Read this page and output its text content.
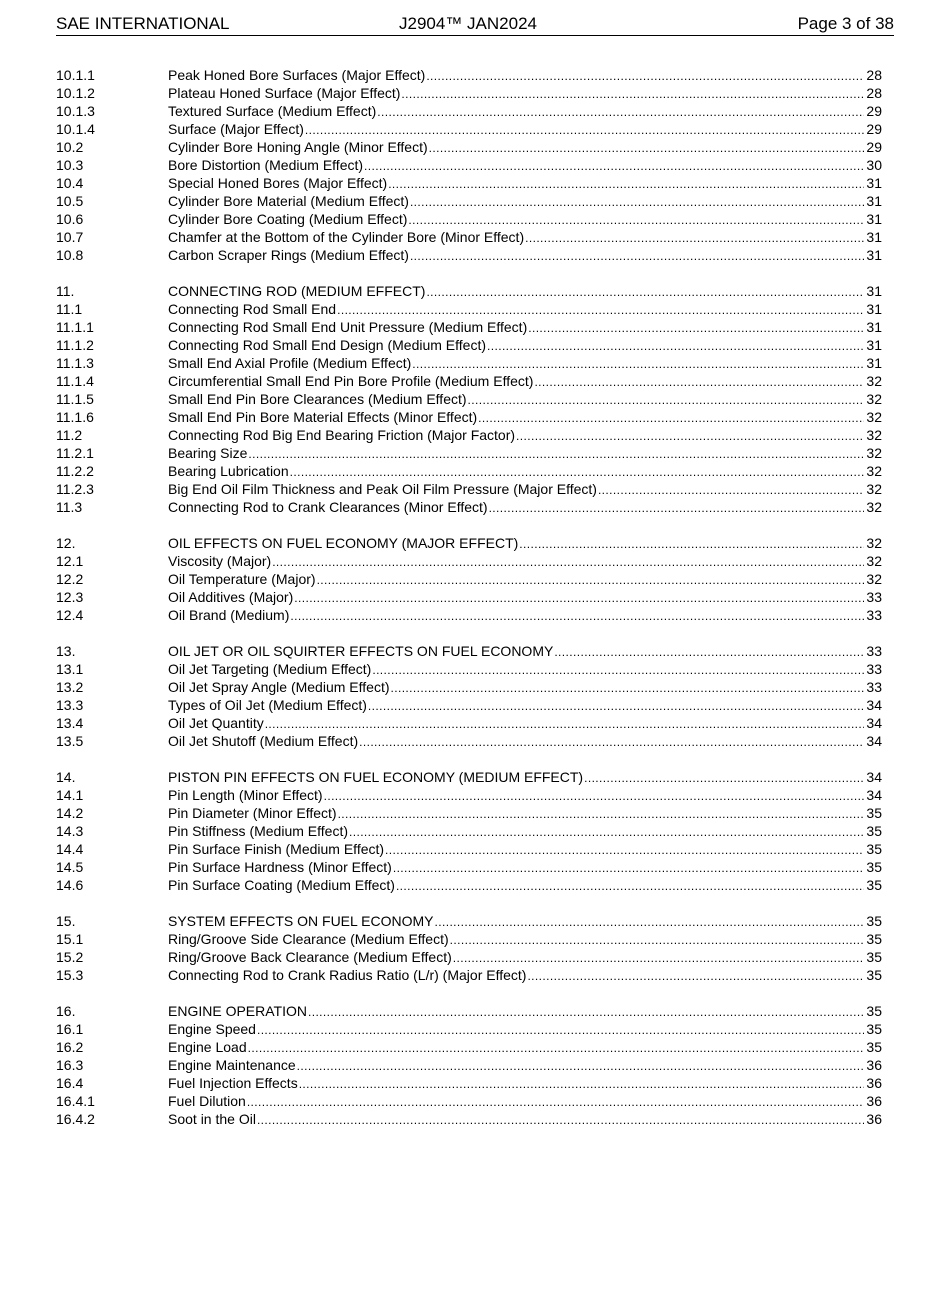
SAE INTERNATIONAL	J2904™ JAN2024	Page 3 of 38
10.1.1	Peak Honed Bore Surfaces (Major Effect) .....	28
10.1.2	Plateau Honed Surface (Major Effect) .....	28
10.1.3	Textured Surface (Medium Effect) .....	29
10.1.4	Surface (Major Effect) .....	29
10.2	Cylinder Bore Honing Angle (Minor Effect) .....	29
10.3	Bore Distortion (Medium Effect) .....	30
10.4	Special Honed Bores (Major Effect) .....	31
10.5	Cylinder Bore Material (Medium Effect) .....	31
10.6	Cylinder Bore Coating (Medium Effect) .....	31
10.7	Chamfer at the Bottom of the Cylinder Bore (Minor Effect) .....	31
10.8	Carbon Scraper Rings (Medium Effect) .....	31
11.	CONNECTING ROD (MEDIUM EFFECT) .....	31
11.1	Connecting Rod Small End .....	31
11.1.1	Connecting Rod Small End Unit Pressure (Medium Effect) .....	31
11.1.2	Connecting Rod Small End Design (Medium Effect) .....	31
11.1.3	Small End Axial Profile (Medium Effect) .....	31
11.1.4	Circumferential Small End Pin Bore Profile (Medium Effect) .....	32
11.1.5	Small End Pin Bore Clearances (Medium Effect) .....	32
11.1.6	Small End Pin Bore Material Effects (Minor Effect) .....	32
11.2	Connecting Rod Big End Bearing Friction (Major Factor) .....	32
11.2.1	Bearing Size .....	32
11.2.2	Bearing Lubrication .....	32
11.2.3	Big End Oil Film Thickness and Peak Oil Film Pressure (Major Effect) .....	32
11.3	Connecting Rod to Crank Clearances (Minor Effect) .....	32
12.	OIL EFFECTS ON FUEL ECONOMY (MAJOR EFFECT) .....	32
12.1	Viscosity (Major) .....	32
12.2	Oil Temperature (Major) .....	32
12.3	Oil Additives (Major) .....	33
12.4	Oil Brand (Medium) .....	33
13.	OIL JET OR OIL SQUIRTER EFFECTS ON FUEL ECONOMY .....	33
13.1	Oil Jet Targeting (Medium Effect) .....	33
13.2	Oil Jet Spray Angle (Medium Effect) .....	33
13.3	Types of Oil Jet (Medium Effect) .....	34
13.4	Oil Jet Quantity .....	34
13.5	Oil Jet Shutoff (Medium Effect) .....	34
14.	PISTON PIN EFFECTS ON FUEL ECONOMY (MEDIUM EFFECT) .....	34
14.1	Pin Length (Minor Effect) .....	34
14.2	Pin Diameter (Minor Effect) .....	35
14.3	Pin Stiffness (Medium Effect) .....	35
14.4	Pin Surface Finish (Medium Effect) .....	35
14.5	Pin Surface Hardness (Minor Effect) .....	35
14.6	Pin Surface Coating (Medium Effect) .....	35
15.	SYSTEM EFFECTS ON FUEL ECONOMY .....	35
15.1	Ring/Groove Side Clearance (Medium Effect) .....	35
15.2	Ring/Groove Back Clearance (Medium Effect) .....	35
15.3	Connecting Rod to Crank Radius Ratio (L/r) (Major Effect) .....	35
16.	ENGINE OPERATION .....	35
16.1	Engine Speed .....	35
16.2	Engine Load .....	35
16.3	Engine Maintenance .....	36
16.4	Fuel Injection Effects .....	36
16.4.1	Fuel Dilution .....	36
16.4.2	Soot in the Oil .....	36
